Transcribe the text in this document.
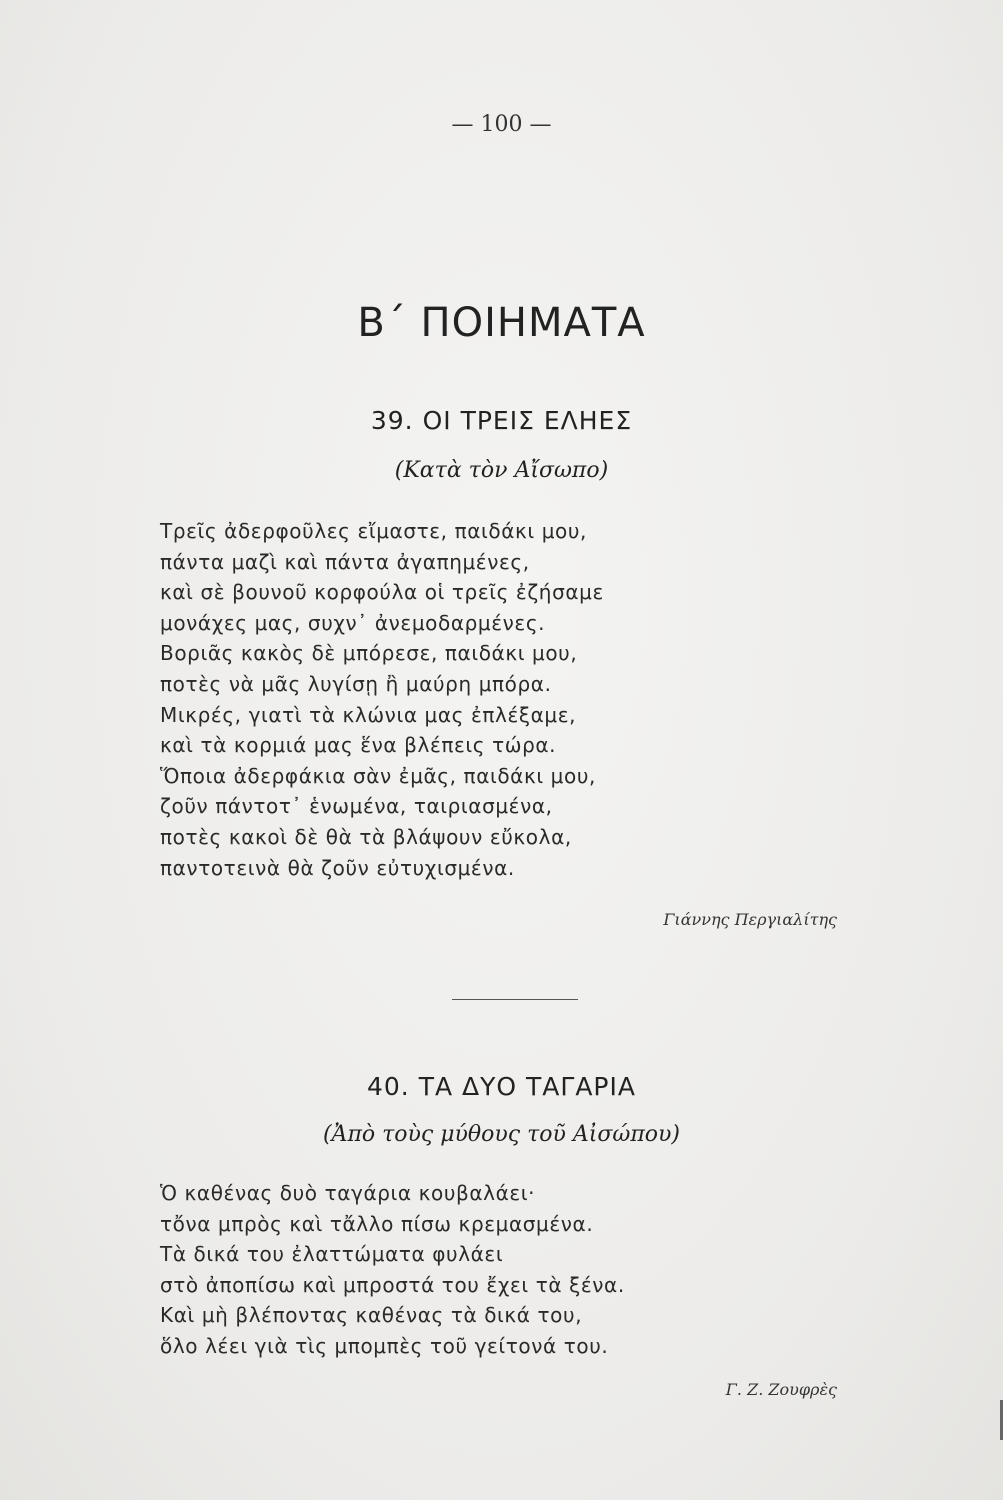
— 100 —
Β΄ ΠΟΙΗΜΑΤΑ
39. ΟΙ ΤΡΕΙΣ ΕΛΗΕΣ
(Κατὰ τὸν Αἴσωπο)
Τρεῖς ἀδερφοῦλες εἴμαστε, παιδάκι μου,
πάντα μαζὶ καὶ πάντα ἀγαπημένες,
καὶ σὲ βουνοῦ κορφούλα οἱ τρεῖς ἐζήσαμε
μονάχες μας, συχν᾽ ἀνεμοδαρμένες.
Βοριᾶς κακὸς δὲ μπόρεσε, παιδάκι μου,
ποτὲς νὰ μᾶς λυγίσῃ ἢ μαύρη μπόρα.
Μικρές, γιατὶ τὰ κλώνια μας ἐπλέξαμε,
καὶ τὰ κορμιά μας ἕνα βλέπεις τώρα.
Ὅποια ἀδερφάκια σὰν ἐμᾶς, παιδάκι μου,
ζοῦν πάντοτ᾽ ἑνωμένα, ταιριασμένα,
ποτὲς κακοὶ δὲ θὰ τὰ βλάψουν εὔκολα,
παντοτεινὰ θὰ ζοῦν εὐτυχισμένα.
Γιάννης Περγιαλίτης
40. ΤΑ ΔΥΟ ΤΑΓΑΡΙΑ
(Ἀπὸ τοὺς μύθους τοῦ Αἰσώπου)
Ὁ καθένας δυὸ ταγάρια κουβαλάει·
τὄνα μπρὸς καὶ τἄλλο πίσω κρεμασμένα.
Τὰ δικά του ἐλαττώματα φυλάει
στὸ ἀποπίσω καὶ μπροστά του ἔχει τὰ ξένα.
Καὶ μὴ βλέποντας καθένας τὰ δικά του,
ὅλο λέει γιὰ τὶς μπομπὲς τοῦ γείτονά του.
Γ. Ζ. Ζουφρὲς
